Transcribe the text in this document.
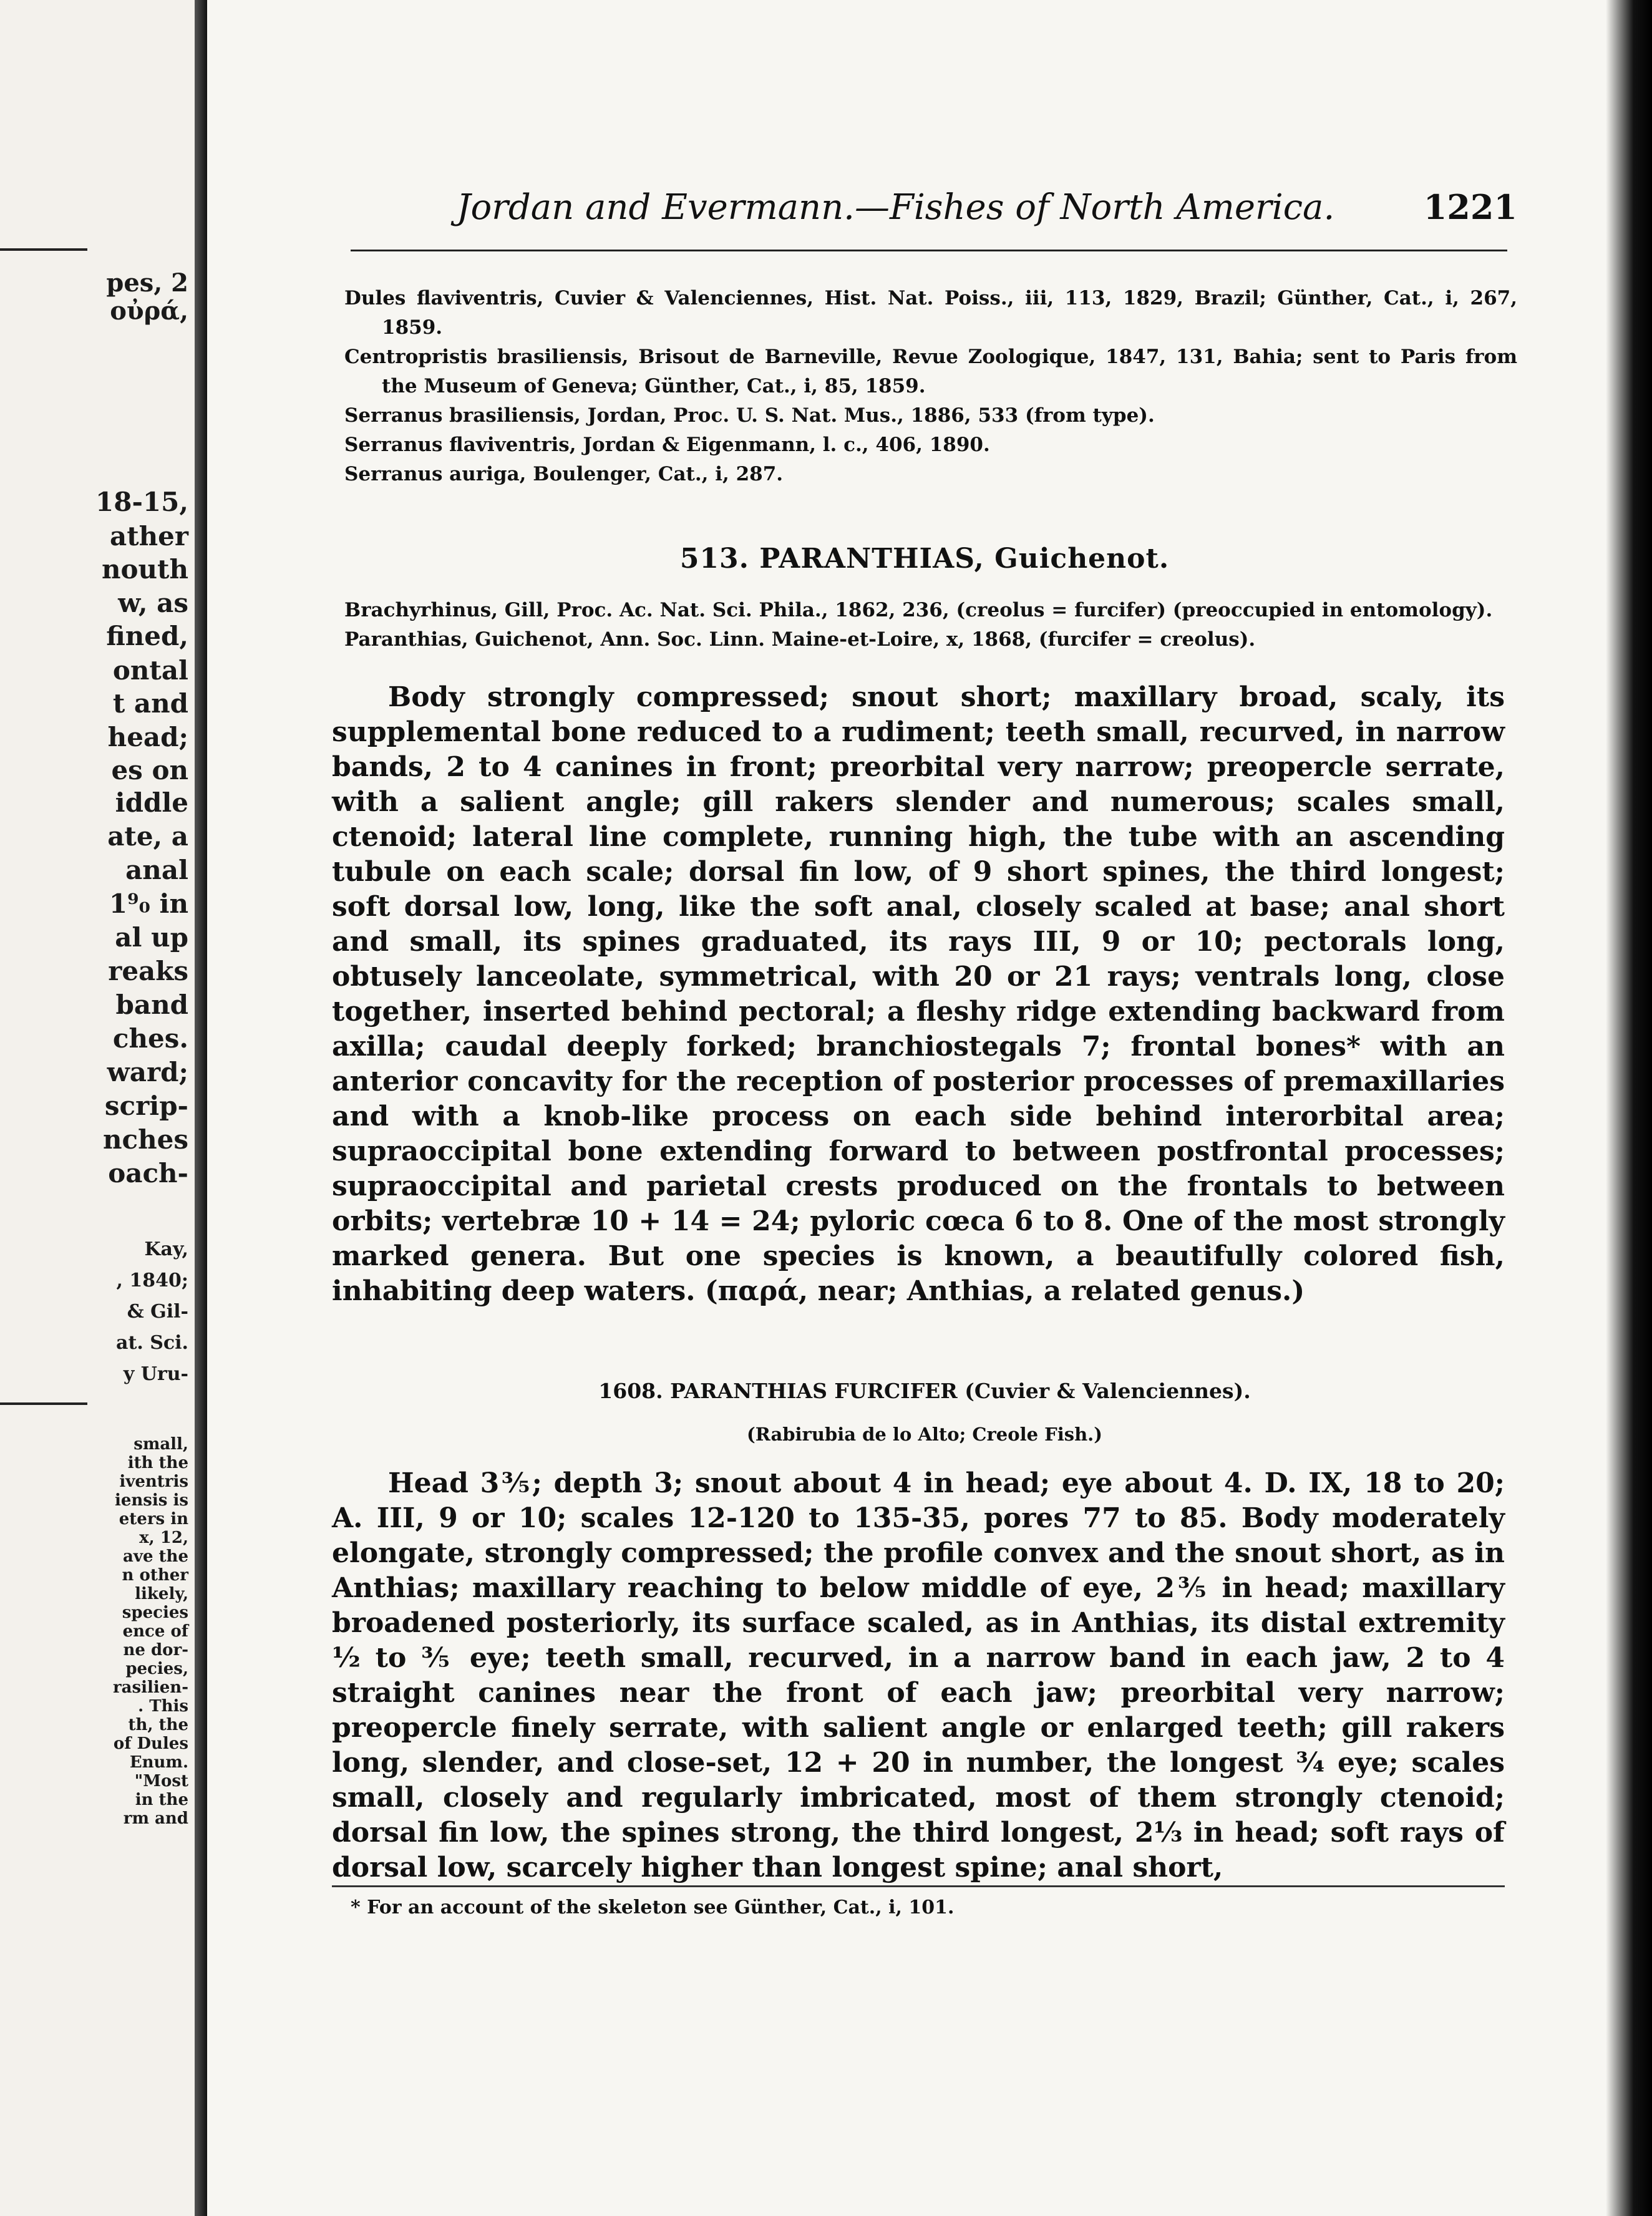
pes, 2
οὐρά,
18-15,
ather
nouth
w, as
fined,
ontal
t and
head;
es on
iddle
ate, a
anal
1⁹₀ in
al up
reaks
band
ches.
ward;
scrip-
nches
oach-
Kay,
, 1840;
& Gil-
at. Sci.
y Uru-
small,
ith the
iventris
iensis is
eters in
x, 12,
ave the
n other
likely,
species
ence of
ne dor-
pecies,
rasilien-
. This
th, the
of Dules
Enum.
"Most
in the
rm and
Jordan and Evermann.—Fishes of North America.	1221

Dules flaviventris, Cuvier & Valenciennes, Hist. Nat. Poiss., iii, 113, 1829, Brazil; Günther, Cat., i, 267, 1859.

Centropristis brasiliensis, Brisout de Barneville, Revue Zoologique, 1847, 131, Bahia; sent to Paris from the Museum of Geneva; Günther, Cat., i, 85, 1859.

Serranus brasiliensis, Jordan, Proc. U. S. Nat. Mus., 1886, 533 (from type).

Serranus flaviventris, Jordan & Eigenmann, l. c., 406, 1890.

Serranus auriga, Boulenger, Cat., i, 287.

513. PARANTHIAS, Guichenot.

Brachyrhinus, Gill, Proc. Ac. Nat. Sci. Phila., 1862, 236, (creolus = furcifer) (preoccupied in entomology).

Paranthias, Guichenot, Ann. Soc. Linn. Maine-et-Loire, x, 1868, (furcifer = creolus).

Body strongly compressed; snout short; maxillary broad, scaly, its supplemental bone reduced to a rudiment; teeth small, recurved, in narrow bands, 2 to 4 canines in front; preorbital very narrow; preopercle serrate, with a salient angle; gill rakers slender and numerous; scales small, ctenoid; lateral line complete, running high, the tube with an ascending tubule on each scale; dorsal fin low, of 9 short spines, the third longest; soft dorsal low, long, like the soft anal, closely scaled at base; anal short and small, its spines graduated, its rays III, 9 or 10; pectorals long, obtusely lanceolate, symmetrical, with 20 or 21 rays; ventrals long, close together, inserted behind pectoral; a fleshy ridge extending backward from axilla; caudal deeply forked; branchiostegals 7; frontal bones* with an anterior concavity for the reception of posterior processes of premaxillaries and with a knob-like process on each side behind interorbital area; supraoccipital bone extending forward to between postfrontal processes; supraoccipital and parietal crests produced on the frontals to between orbits; vertebræ 10 + 14 = 24; pyloric cœca 6 to 8. One of the most strongly marked genera. But one species is known, a beautifully colored fish, inhabiting deep waters. (παρά, near; Anthias, a related genus.)

1608. PARANTHIAS FURCIFER (Cuvier & Valenciennes).
(Rabirubia de lo Alto; Creole Fish.)

Head 3⅗; depth 3; snout about 4 in head; eye about 4. D. IX, 18 to 20; A. III, 9 or 10; scales 12-120 to 135-35, pores 77 to 85. Body moderately elongate, strongly compressed; the profile convex and the snout short, as in Anthias; maxillary reaching to below middle of eye, 2⅗ in head; maxillary broadened posteriorly, its surface scaled, as in Anthias, its distal extremity ½ to ⅗ eye; teeth small, recurved, in a narrow band in each jaw, 2 to 4 straight canines near the front of each jaw; preorbital very narrow; preopercle finely serrate, with salient angle or enlarged teeth; gill rakers long, slender, and close-set, 12 + 20 in number, the longest ¾ eye; scales small, closely and regularly imbricated, most of them strongly ctenoid; dorsal fin low, the spines strong, the third longest, 2⅓ in head; soft rays of dorsal low, scarcely higher than longest spine; anal short,

* For an account of the skeleton see Günther, Cat., i, 101.
